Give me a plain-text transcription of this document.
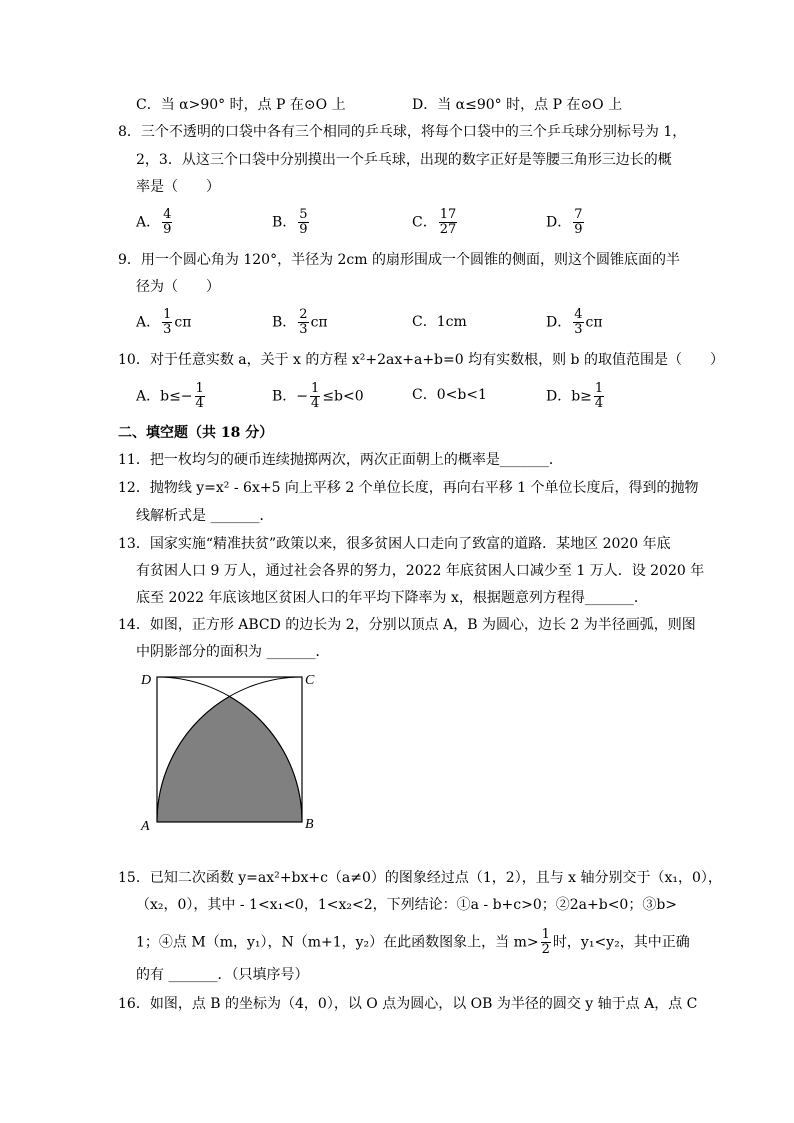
C．当 α>90° 时，点 P 在⊙O 上	D．当 α≤90° 时，点 P 在⊙O 上
8．三个不透明的口袋中各有三个相同的乒乓球，将每个口袋中的三个乒乓球分别标号为 1，
2，3．从这三个口袋中分别摸出一个乒乓球，出现的数字正好是等腰三角形三边长的概
率是（　　）
A． $\frac{4}{9}$	B． $\frac{5}{9}$	C． $\frac{17}{27}$	D． $\frac{7}{9}$
9．用一个圆心角为 120°，半径为 2cm 的扇形围成一个圆锥的侧面，则这个圆锥底面的半
径为（　　）
A． $\frac{1}{3}$ cπ	B． $\frac{2}{3}$ cπ	C．1cm	D． $\frac{4}{3}$ cπ
10．对于任意实数 a，关于 x 的方程 x²+2ax+a+b=0 均有实数根，则 b 的取值范围是（　　）
A．$b\le- \frac{1}{4}$	B．− $\frac{1}{4} \le b<0$	C．0<b<1	D．$b\ge \frac{1}{4}$
二、填空题（共 18 分）
11．把一枚均匀的硬币连续抛掷两次，两次正面朝上的概率是_______．
12．抛物线 y=x² - 6x+5 向上平移 2 个单位长度，再向右平移 1 个单位长度后，得到的抛物
线解析式是 _______．
13．国家实施“精准扶贫”政策以来，很多贫困人口走向了致富的道路．某地区 2020 年底
有贫困人口 9 万人，通过社会各界的努力，2022 年底贫困人口减少至 1 万人．设 2020 年
底至 2022 年底该地区贫困人口的年平均下降率为 x，根据题意列方程得_______．
14．如图，正方形 ABCD 的边长为 2，分别以顶点 A，B 为圆心，边长 2 为半径画弧，则图
中阴影部分的面积为 _______．
D	C
A	B
15．已知二次函数 y=ax²+bx+c（a≠0）的图象经过点（1，2），且与 x 轴分别交于（x₁，0），
（x₂，0），其中 - 1<x₁<0，1<x₂<2，下列结论：①a - b+c>0；②2a+b<0；③b>
1；④点 M（m，y₁），N（m+1，y₂）在此函数图象上，当 $m> \frac{1}{2}$ 时，y₁<y₂，其中正确
的有 _______．（只填序号）
16．如图，点 B 的坐标为（4，0），以 O 点为圆心，以 OB 为半径的圆交 y 轴于点 A，点 C
